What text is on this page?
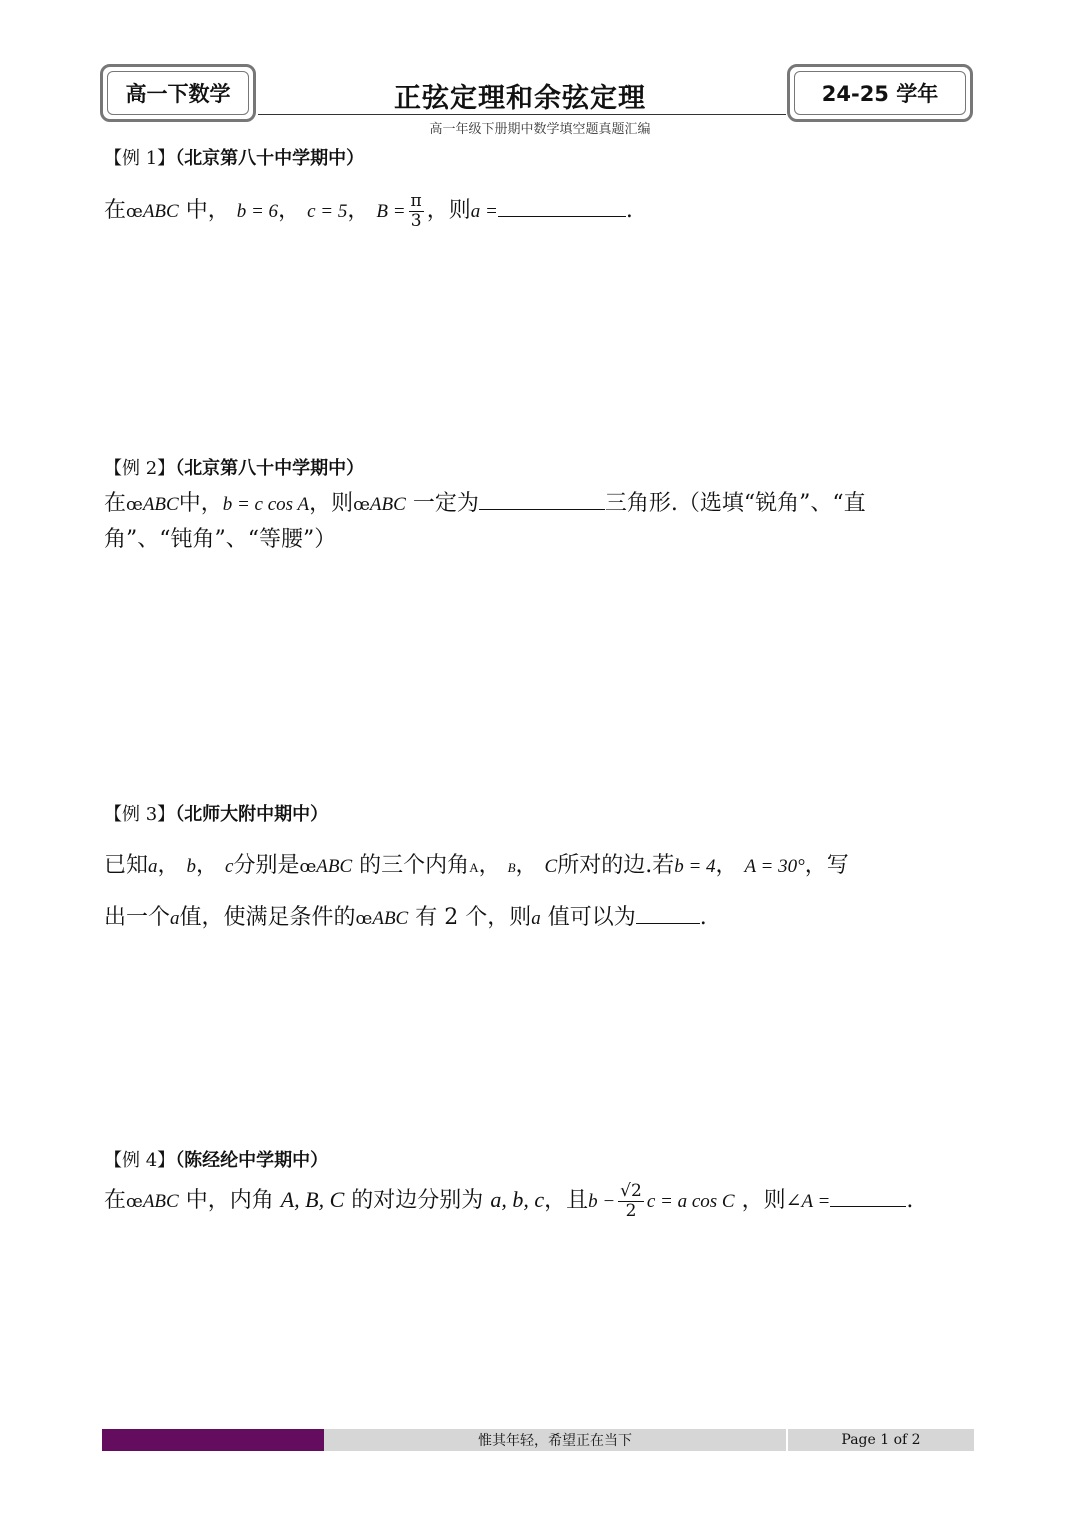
高一下数学	正弦定理和余弦定理
高一年级下册期中数学填空题真题汇编
24-25 学年
【例 1】（北京第八十中学期中）
在œABC 中， b = 6， c = 5， $B = \frac{\pi}{3}$ ，则a =	.
【例 2】（北京第八十中学期中）
在œABC中，b = c cos A，则œABC 一定为	三角形.（选填“锐角”、“直
角”、“钝角”、“等腰”）
【例 3】（北师大附中期中）
已知a， b， c分别是œABC 的三个内角A， B， C所对的边.若b = 4， A = 30°，写
出一个a值，使满足条件的œABC 有 2 个，则a 值可以为	.
【例 4】（陈经纶中学期中）
在œABC 中，内角 A, B, C 的对边分别为 a, b, c，且$b - \frac{√2}{2}$ c = a cos C ，则∠A =	.
惟其年轻，希望正在当下	Page 1 of 2
